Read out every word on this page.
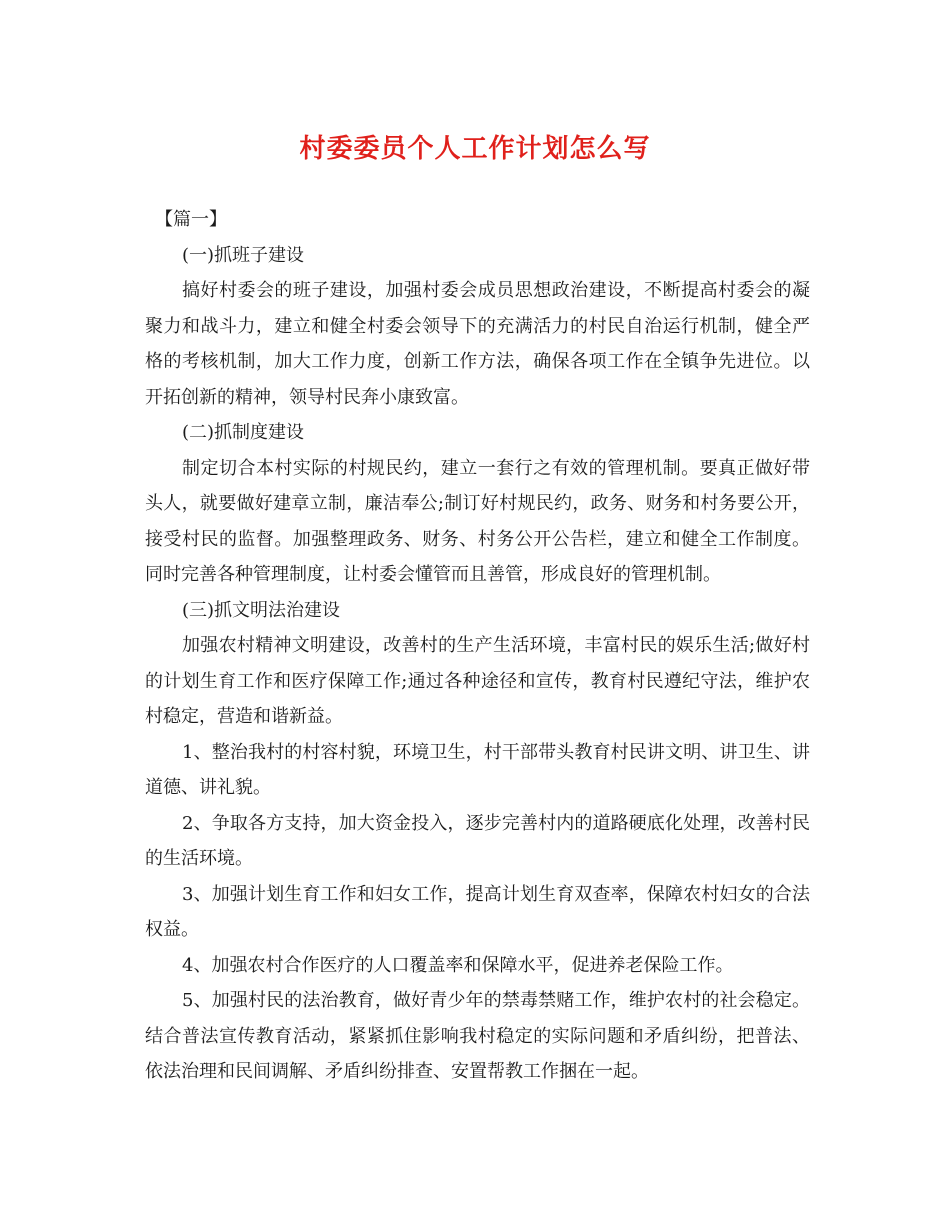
村委委员个人工作计划怎么写

【篇一】

(一)抓班子建设

搞好村委会的班子建设，加强村委会成员思想政治建设，不断提高村委会的凝聚力和战斗力，建立和健全村委会领导下的充满活力的村民自治运行机制，健全严格的考核机制，加大工作力度，创新工作方法，确保各项工作在全镇争先进位。以开拓创新的精神，领导村民奔小康致富。

(二)抓制度建设

制定切合本村实际的村规民约，建立一套行之有效的管理机制。要真正做好带头人，就要做好建章立制，廉洁奉公;制订好村规民约，政务、财务和村务要公开，接受村民的监督。加强整理政务、财务、村务公开公告栏，建立和健全工作制度。同时完善各种管理制度，让村委会懂管而且善管，形成良好的管理机制。

(三)抓文明法治建设

加强农村精神文明建设，改善村的生产生活环境，丰富村民的娱乐生活;做好村的计划生育工作和医疗保障工作;通过各种途径和宣传，教育村民遵纪守法，维护农村稳定，营造和谐新益。

1、整治我村的村容村貌，环境卫生，村干部带头教育村民讲文明、讲卫生、讲道德、讲礼貌。

2、争取各方支持，加大资金投入，逐步完善村内的道路硬底化处理，改善村民的生活环境。

3、加强计划生育工作和妇女工作，提高计划生育双查率，保障农村妇女的合法权益。

4、加强农村合作医疗的人口覆盖率和保障水平，促进养老保险工作。

5、加强村民的法治教育，做好青少年的禁毒禁赌工作，维护农村的社会稳定。结合普法宣传教育活动，紧紧抓住影响我村稳定的实际问题和矛盾纠纷，把普法、依法治理和民间调解、矛盾纠纷排查、安置帮教工作捆在一起。
